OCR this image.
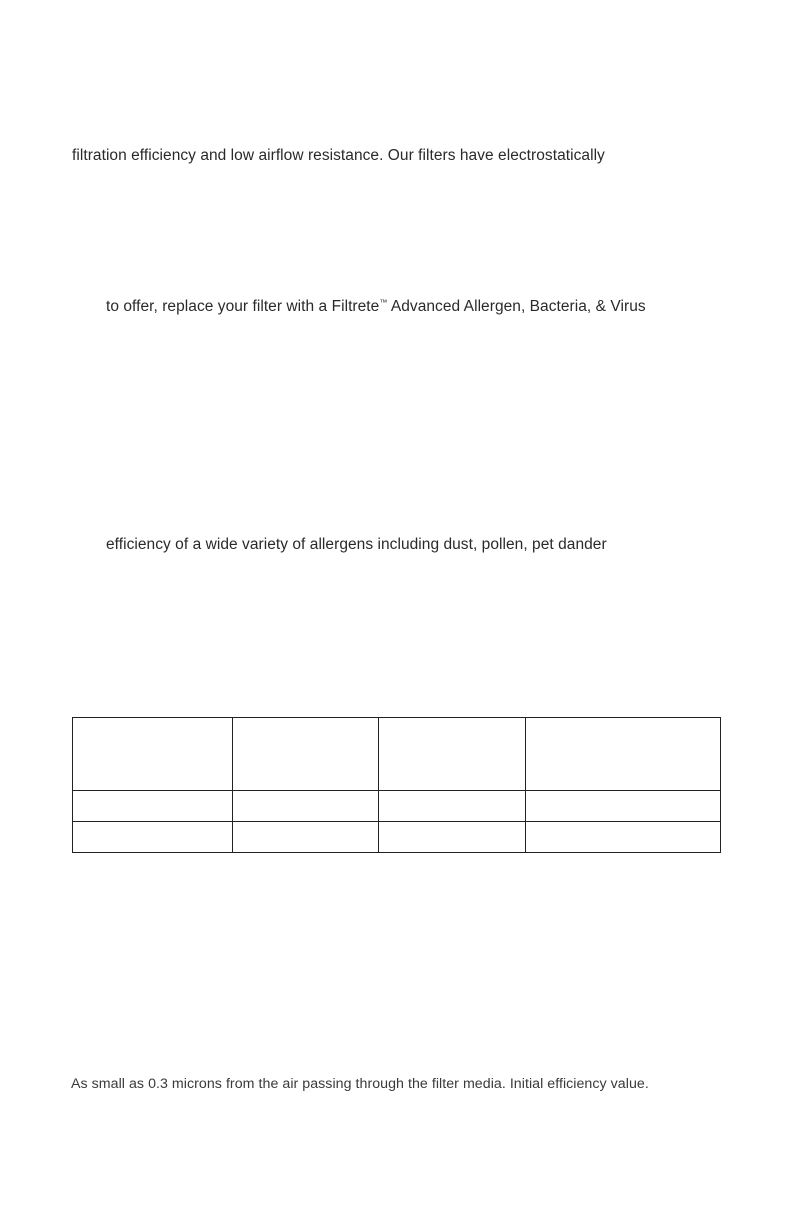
filtration efficiency and low airflow resistance. Our filters have electrostatically
to offer, replace your filter with a Filtrete™ Advanced Allergen, Bacteria, & Virus
efficiency of a wide variety of allergens including dust, pollen, pet dander

As small as 0.3 microns from the air passing through the filter media. Initial efficiency value.
